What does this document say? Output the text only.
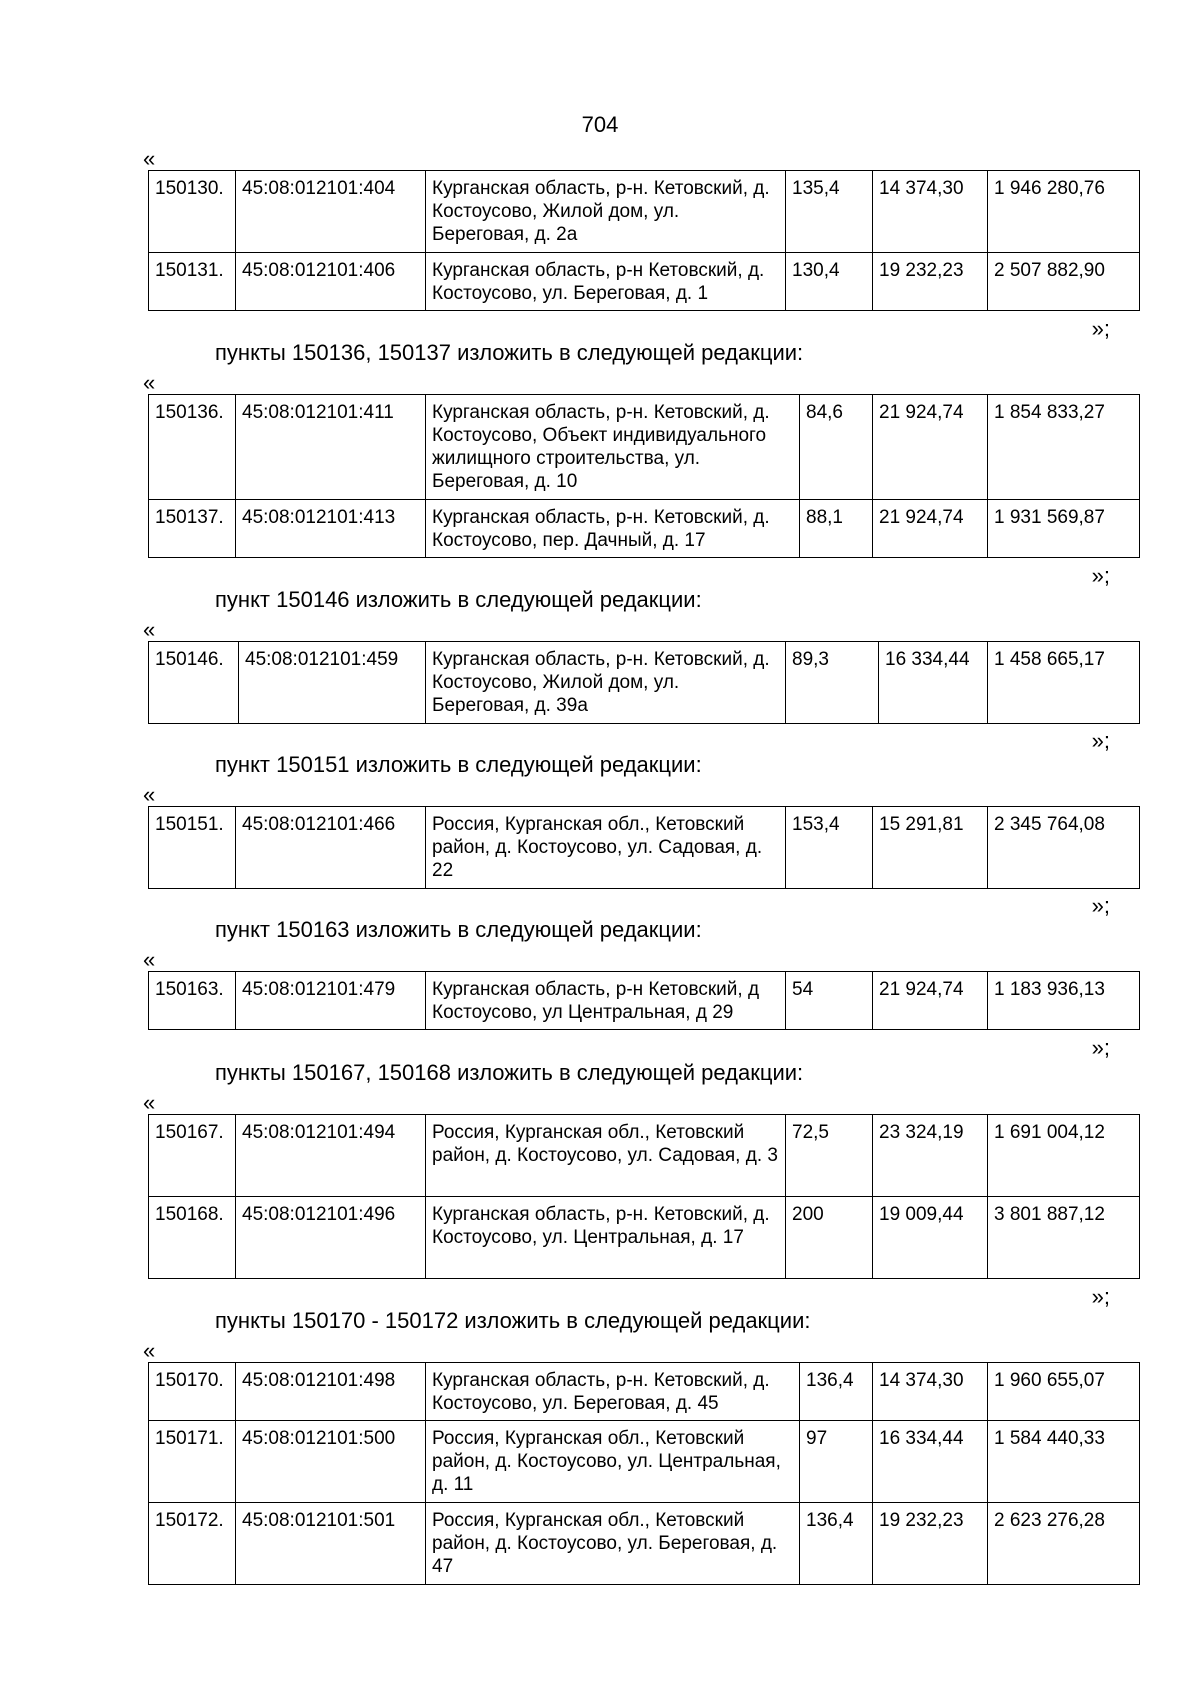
704
«
150130.	45:08:012101:404	Курганская область, р-н. Кетовский, д. Костоусово, Жилой дом, ул. Береговая, д. 2а	135,4	14 374,30	1 946 280,76
150131.	45:08:012101:406	Курганская область, р-н Кетовский, д. Костоусово, ул. Береговая, д. 1	130,4	19 232,23	2 507 882,90
»;
пункты 150136, 150137 изложить в следующей редакции:
«
150136.	45:08:012101:411	Курганская область, р-н. Кетовский, д. Костоусово, Объект индивидуального жилищного строительства, ул. Береговая, д. 10	84,6	21 924,74	1 854 833,27
150137.	45:08:012101:413	Курганская область, р-н. Кетовский, д. Костоусово, пер. Дачный, д. 17	88,1	21 924,74	1 931 569,87
»;
пункт 150146 изложить в следующей редакции:
«
150146.	45:08:012101:459	Курганская область, р-н. Кетовский, д. Костоусово, Жилой дом, ул. Береговая, д. 39а	89,3	16 334,44	1 458 665,17
»;
пункт 150151 изложить в следующей редакции:
«
150151.	45:08:012101:466	Россия, Курганская обл., Кетовский район, д. Костоусово, ул. Садовая, д. 22	153,4	15 291,81	2 345 764,08
»;
пункт 150163 изложить в следующей редакции:
«
150163.	45:08:012101:479	Курганская область, р-н Кетовский, д Костоусово, ул Центральная, д 29	54	21 924,74	1 183 936,13
»;
пункты 150167, 150168 изложить в следующей редакции:
«
150167.	45:08:012101:494	Россия, Курганская обл., Кетовский район, д. Костоусово, ул. Садовая, д. 3	72,5	23 324,19	1 691 004,12
150168.	45:08:012101:496	Курганская область, р-н. Кетовский, д. Костоусово, ул. Центральная, д. 17	200	19 009,44	3 801 887,12
»;
пункты 150170 - 150172 изложить в следующей редакции:
«
150170.	45:08:012101:498	Курганская область, р-н. Кетовский, д. Костоусово, ул. Береговая, д. 45	136,4	14 374,30	1 960 655,07
150171.	45:08:012101:500	Россия, Курганская обл., Кетовский район, д. Костоусово, ул. Центральная, д. 11	97	16 334,44	1 584 440,33
150172.	45:08:012101:501	Россия, Курганская обл., Кетовский район, д. Костоусово, ул. Береговая, д. 47	136,4	19 232,23	2 623 276,28
